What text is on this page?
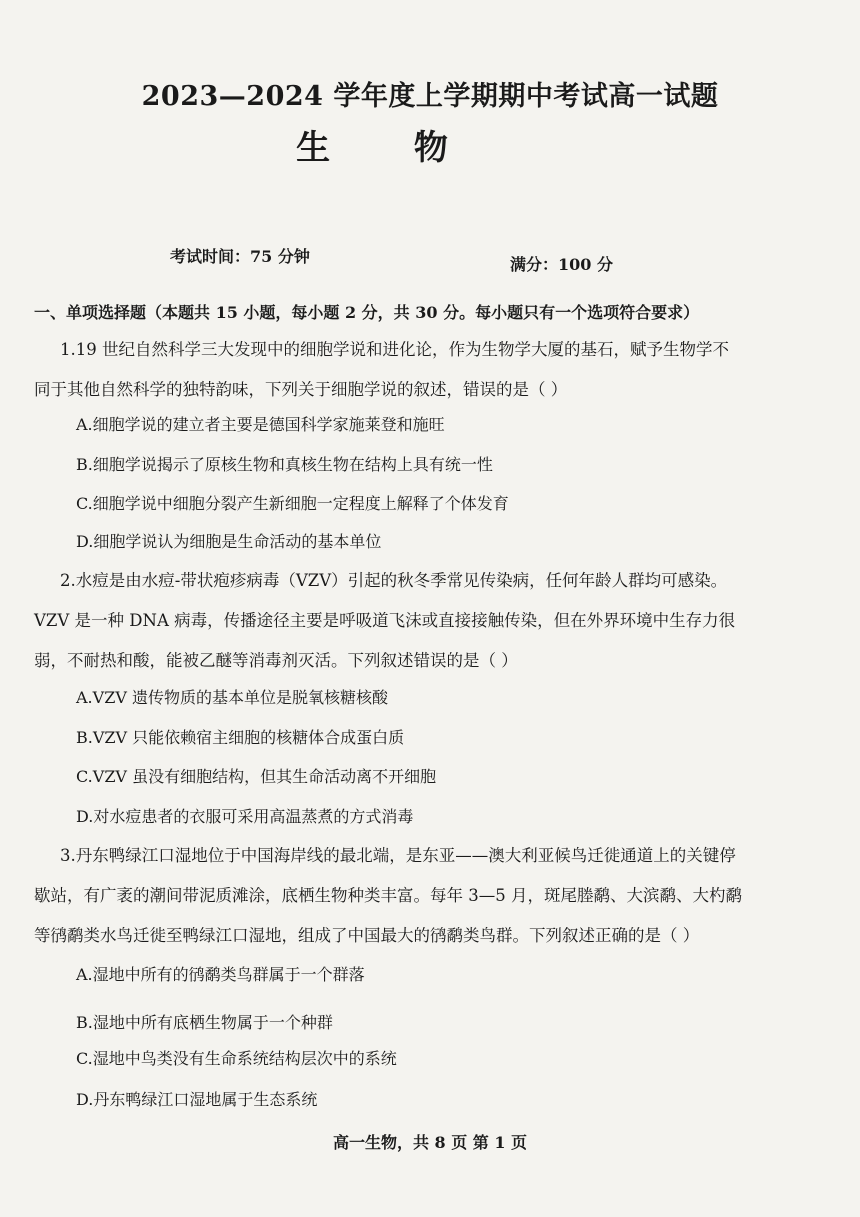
2023—2024 学年度上学期期中考试高一试题
生 物
考试时间：75 分钟	满分：100 分
一、单项选择题（本题共 15 小题，每小题 2 分，共 30 分。每小题只有一个选项符合要求）
1.19 世纪自然科学三大发现中的细胞学说和进化论，作为生物学大厦的基石，赋予生物学不
同于其他自然科学的独特韵味，下列关于细胞学说的叙述，错误的是（ ）
A.细胞学说的建立者主要是德国科学家施莱登和施旺
B.细胞学说揭示了原核生物和真核生物在结构上具有统一性
C.细胞学说中细胞分裂产生新细胞一定程度上解释了个体发育
D.细胞学说认为细胞是生命活动的基本单位
2.水痘是由水痘-带状疱疹病毒（VZV）引起的秋冬季常见传染病，任何年龄人群均可感染。
VZV 是一种 DNA 病毒，传播途径主要是呼吸道飞沫或直接接触传染，但在外界环境中生存力很
弱，不耐热和酸，能被乙醚等消毒剂灭活。下列叙述错误的是（ ）
A.VZV 遗传物质的基本单位是脱氧核糖核酸
B.VZV 只能依赖宿主细胞的核糖体合成蛋白质
C.VZV 虽没有细胞结构，但其生命活动离不开细胞
D.对水痘患者的衣服可采用高温蒸煮的方式消毒
3.丹东鸭绿江口湿地位于中国海岸线的最北端，是东亚——澳大利亚候鸟迁徙通道上的关键停
歇站，有广袤的潮间带泥质滩涂，底栖生物种类丰富。每年 3—5 月，斑尾塍鹬、大滨鹬、大杓鹬
等鸻鹬类水鸟迁徙至鸭绿江口湿地，组成了中国最大的鸻鹬类鸟群。下列叙述正确的是（ ）
A.湿地中所有的鸻鹬类鸟群属于一个群落
B.湿地中所有底栖生物属于一个种群
C.湿地中鸟类没有生命系统结构层次中的系统
D.丹东鸭绿江口湿地属于生态系统
高一生物，共 8 页 第 1 页
